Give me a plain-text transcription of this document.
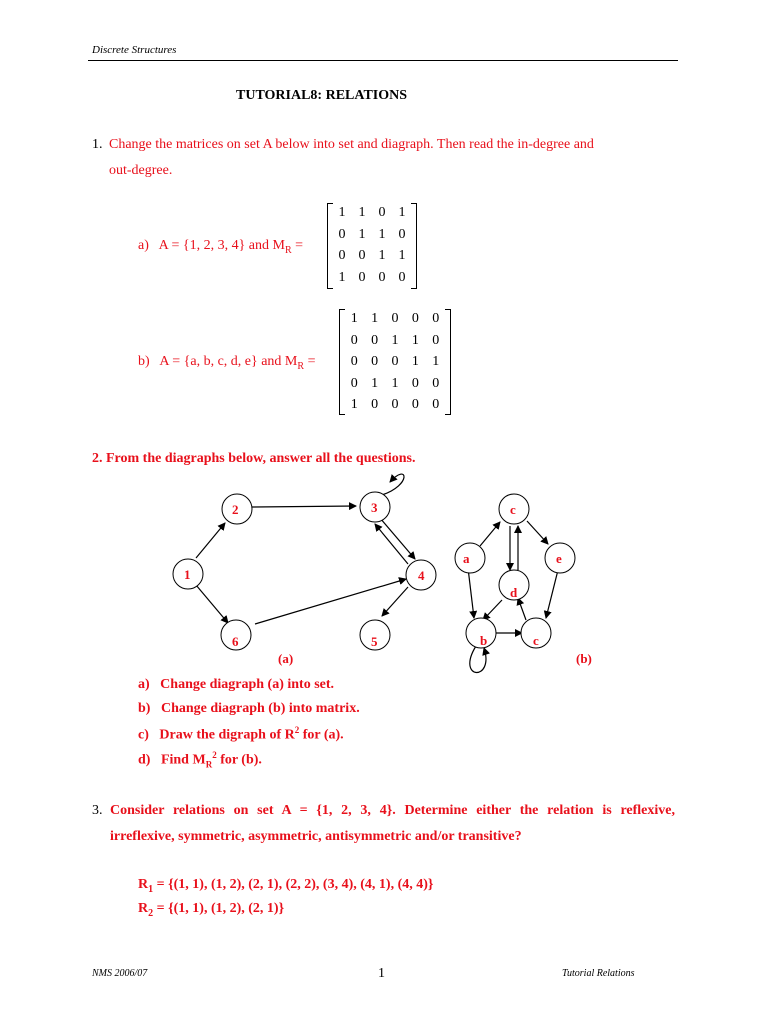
Discrete Structures
TUTORIAL8: RELATIONS
1. Change the matrices on set A below into set and diagraph. Then read the in-degree and
out-degree.
a) A = {1, 2, 3, 4} and $M_R$ =
1 1 0 1
0 1 1 0
0 0 1 1
1 0 0 0
b) A = {a, b, c, d, e} and $M_R$ =
1 1 0 0 0
0 0 1 1 0
0 0 0 1 1
0 1 1 0 0
1 0 0 0 0
2. From the diagraphs below, answer all the questions.
1
2	3
4
5
6
(a)
c
a	e
d
b	c
(b)
a) Change diagraph (a) into set.
b) Change diagraph (b) into matrix.
c) Draw the digraph of $R^2$ for (a).
d) Find $M_R^2$ for (b).
3. Consider relations on set A = {1, 2, 3, 4}. Determine either the relation is reflexive,
irreflexive, symmetric, asymmetric, antisymmetric and/or transitive?
$R_1 = \{(1$, 1), (1, 2), (2, 1), (2, 2), (3, 4), (4, 1), (4, 4)}
$R_2 = \{(1$, 1), (1, 2), (2, 1)}
NMS 2006/07	1	Tutorial Relations
